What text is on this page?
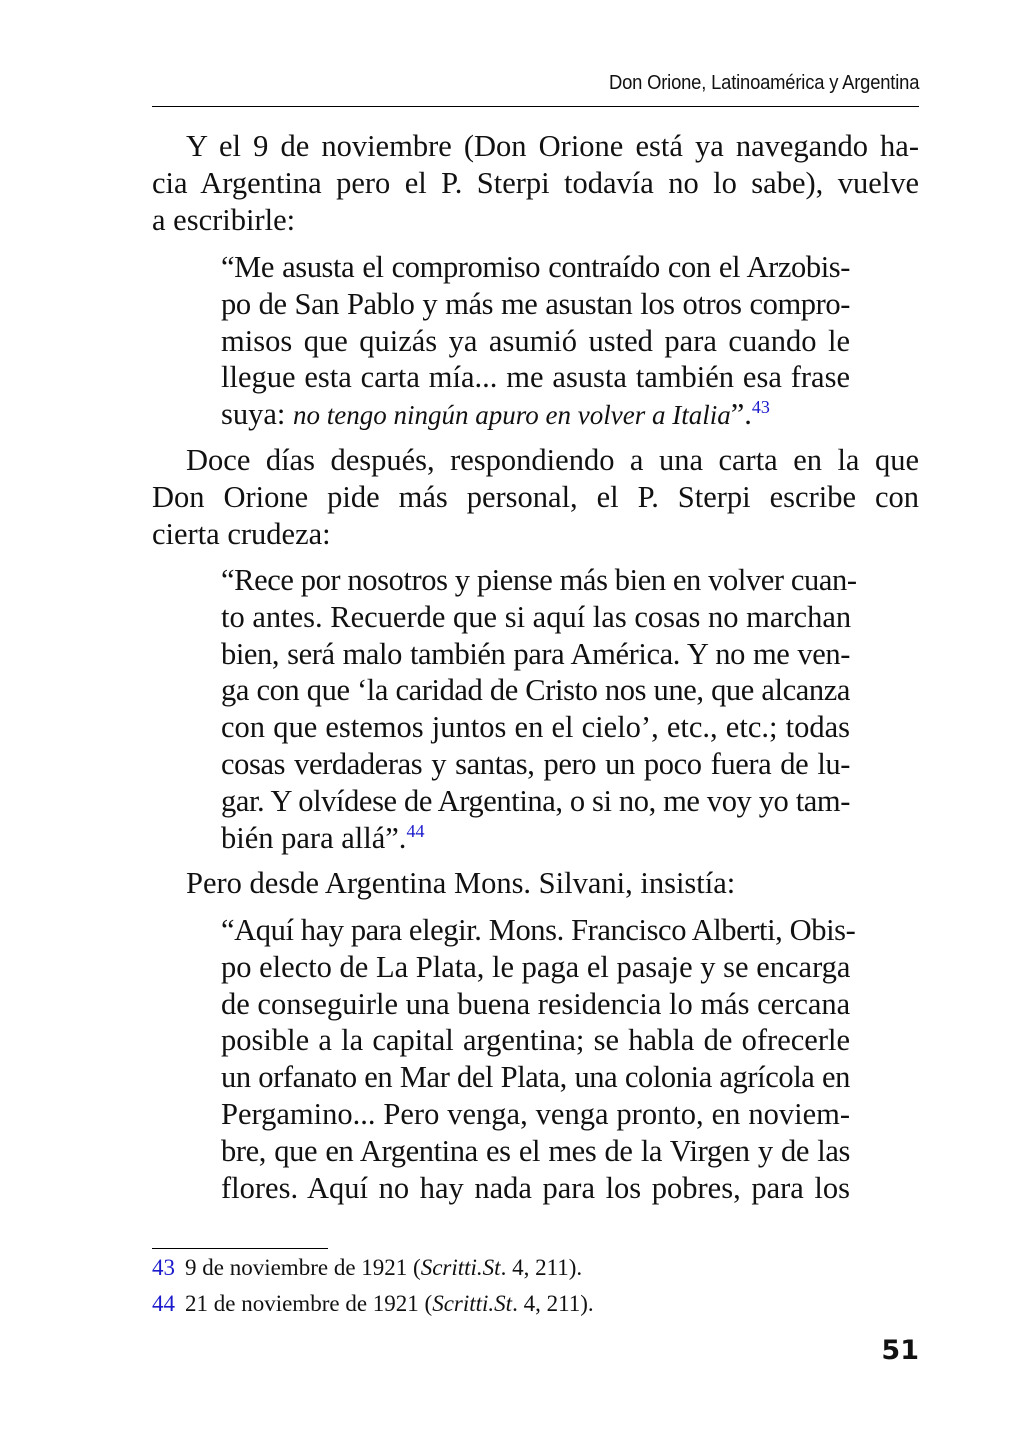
Don Orione, Latinoamérica y Argentina
Y el 9 de noviembre (Don Orione está ya navegando ha-
cia Argentina pero el P. Sterpi todavía no lo sabe), vuelve
a escribirle:
“Me asusta el compromiso contraído con el Arzobis-
po de San Pablo y más me asustan los otros compro-
misos que quizás ya asumió usted para cuando le
llegue esta carta mía... me asusta también esa frase
suya: no tengo ningún apuro en volver a Italia”.$^{43}$
Doce días después, respondiendo a una carta en la que
Don Orione pide más personal, el P. Sterpi escribe con
cierta crudeza:
“Rece por nosotros y piense más bien en volver cuan-
to antes. Recuerde que si aquí las cosas no marchan
bien, será malo también para América. Y no me ven-
ga con que ‘la caridad de Cristo nos une, que alcanza
con que estemos juntos en el cielo’, etc., etc.; todas
cosas verdaderas y santas, pero un poco fuera de lu-
gar. Y olvídese de Argentina, o si no, me voy yo tam-
bién para allá”.$^{44}$
Pero desde Argentina Mons. Silvani, insistía:
“Aquí hay para elegir. Mons. Francisco Alberti, Obis-
po electo de La Plata, le paga el pasaje y se encarga
de conseguirle una buena residencia lo más cercana
posible a la capital argentina; se habla de ofrecerle
un orfanato en Mar del Plata, una colonia agrícola en
Pergamino... Pero venga, venga pronto, en noviem-
bre, que en Argentina es el mes de la Virgen y de las
flores. Aquí no hay nada para los pobres, para los
43 9 de noviembre de 1921 (Scritti.St. 4, 211).
44 21 de noviembre de 1921 (Scritti.St. 4, 211).
51
